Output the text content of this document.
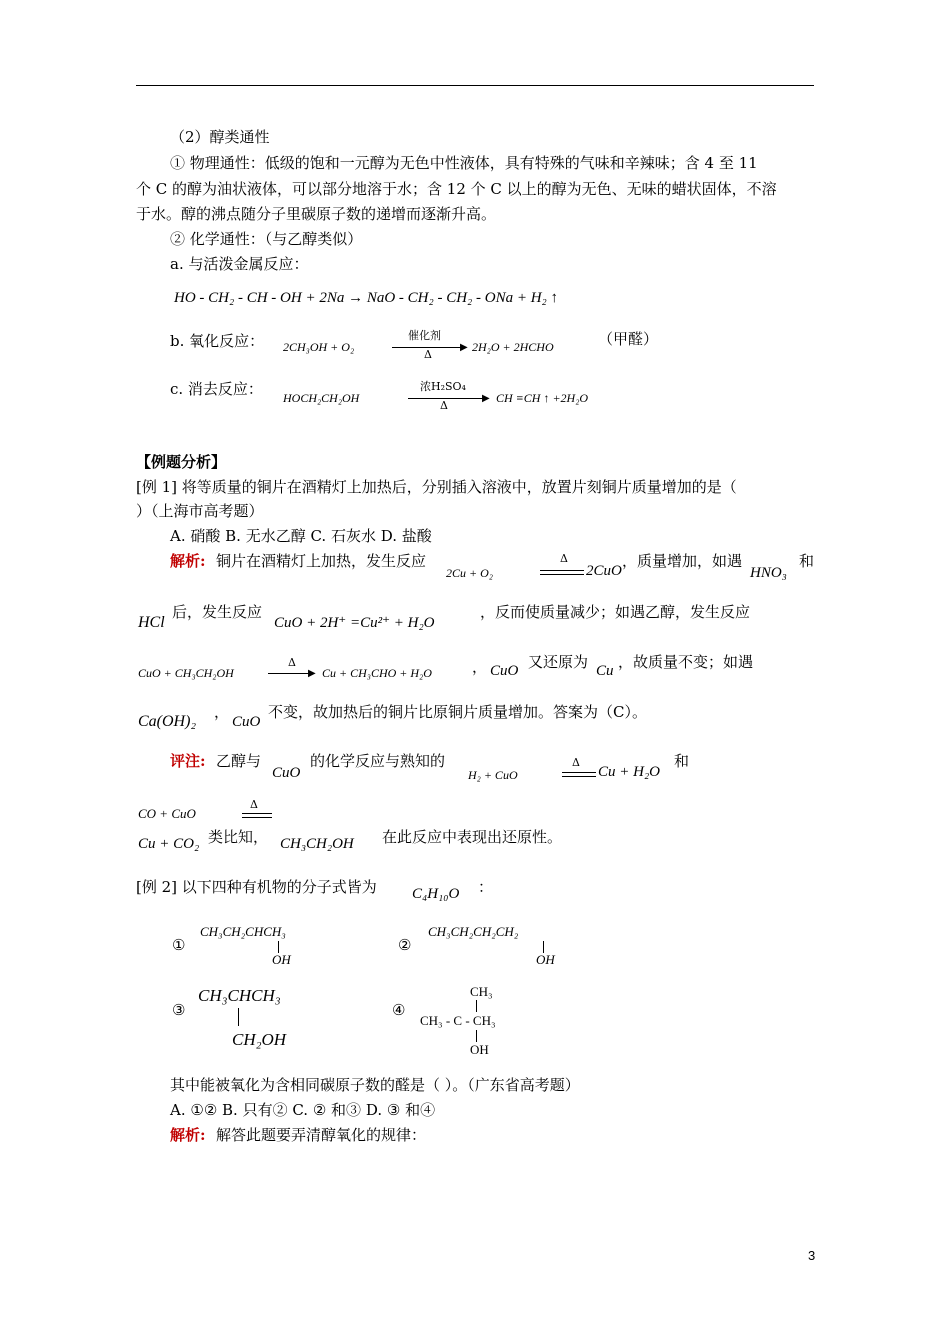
（2）醇类通性
① 物理通性：低级的饱和一元醇为无色中性液体，具有特殊的气味和辛辣味；含 4 至 11
个 C 的醇为油状液体，可以部分地溶于水；含 12 个 C 以上的醇为无色、无味的蜡状固体，不溶
于水。醇的沸点随分子里碳原子数的递增而逐渐升高。
② 化学通性：（与乙醇类似）
a. 与活泼金属反应：
HO - CH₂ - CH - OH + 2Na → NaO - CH₂ - CH₂ - ONa + H₂ ↑
b. 氧化反应： 2CH₃OH + O₂
催化剂
▶
Δ
2H₂O + 2HCHO	（甲醛）
c. 消去反应： HOCH₂CH₂OH
浓H₂SO₄
▶
Δ
CH ≡CH ↑ +2H₂O
【例题分析】
[例 1] 将等质量的铜片在酒精灯上加热后，分别插入溶液中，放置片刻铜片质量增加的是（
）（上海市高考题）
A. 硝酸 B. 无水乙醇 C. 石灰水 D. 盐酸
解析: 铜片在酒精灯上加热，发生反应
2Cu + O₂
Δ
2CuO
，质量增加，如遇
HNO₃
和
HCl
后，发生反应
CuO + 2H⁺ =Cu²⁺ + H₂O
，反而使质量减少；如遇乙醇，发生反应
CuO + CH₃CH₂OH	▶
Δ
Cu + CH₃CHO + H₂O	， CuO 又还原为 Cu ，故质量不变；如遇
Ca(OH)₂
，
CuO
不变，故加热后的铜片比原铜片质量增加。答案为（C）。
评注: 乙醇与
CuO
的化学反应与熟知的
H₂ + CuO
Δ
Cu + H₂O
和
CO + CuO
Δ
Cu + CO₂ 类比知， CH₃CH₂OH 在此反应中表现出还原性。
[例 2] 以下四种有机物的分子式皆为 C₄H₁₀O ：
①
CH₃CH₂CHCH₃
OH
②
CH₃CH₂CH₂CH₂
OH
③
CH₃CHCH₃
CH₂OH
④
CH₃
CH₃ - C - CH₃
OH
其中能被氧化为含相同碳原子数的醛是（ ）。（广东省高考题）
A. ①② B. 只有② C. ② 和③ D. ③ 和④
解析: 解答此题要弄清醇氧化的规律：
3
